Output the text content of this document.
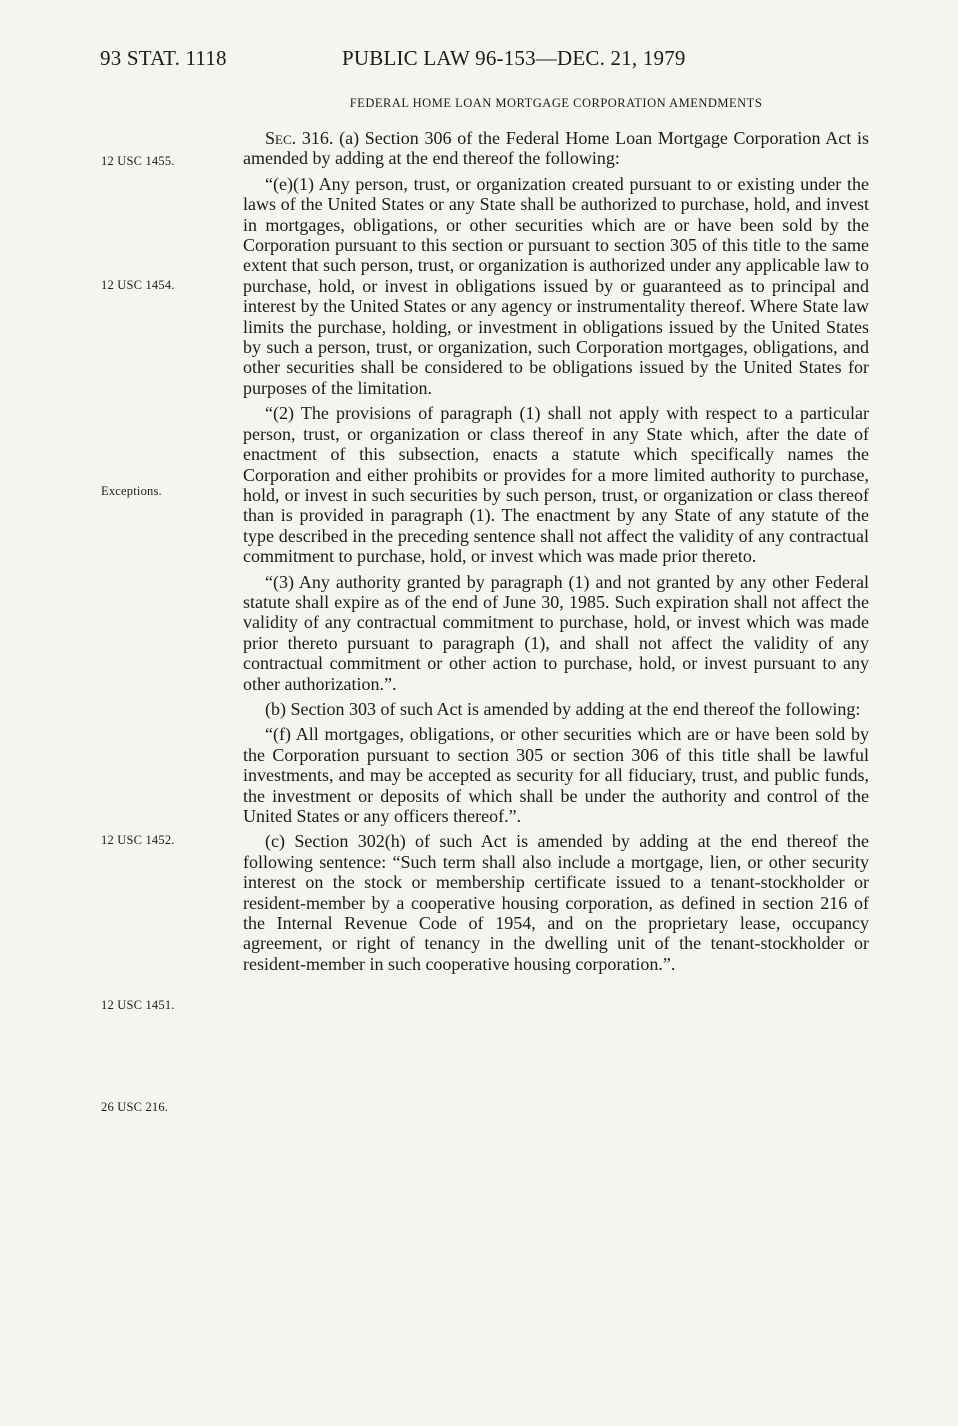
93 STAT. 1118	PUBLIC LAW 96-153—DEC. 21, 1979
FEDERAL HOME LOAN MORTGAGE CORPORATION AMENDMENTS
12 USC 1455.
12 USC 1454.
Exceptions.
12 USC 1452.
12 USC 1451.
26 USC 216.

Sec. 316. (a) Section 306 of the Federal Home Loan Mortgage Corporation Act is amended by adding at the end thereof the following:

“(e)(1) Any person, trust, or organization created pursuant to or existing under the laws of the United States or any State shall be authorized to purchase, hold, and invest in mortgages, obligations, or other securities which are or have been sold by the Corporation pursuant to this section or pursuant to section 305 of this title to the same extent that such person, trust, or organization is authorized under any applicable law to purchase, hold, or invest in obligations issued by or guaranteed as to principal and interest by the United States or any agency or instrumentality thereof. Where State law limits the purchase, holding, or investment in obligations issued by the United States by such a person, trust, or organization, such Corporation mortgages, obligations, and other securities shall be considered to be obligations issued by the United States for purposes of the limitation.

“(2) The provisions of paragraph (1) shall not apply with respect to a particular person, trust, or organization or class thereof in any State which, after the date of enactment of this subsection, enacts a statute which specifically names the Corporation and either prohibits or provides for a more limited authority to purchase, hold, or invest in such securities by such person, trust, or organization or class thereof than is provided in paragraph (1). The enactment by any State of any statute of the type described in the preceding sentence shall not affect the validity of any contractual commitment to purchase, hold, or invest which was made prior thereto.

“(3) Any authority granted by paragraph (1) and not granted by any other Federal statute shall expire as of the end of June 30, 1985. Such expiration shall not affect the validity of any contractual commitment to purchase, hold, or invest which was made prior thereto pursuant to paragraph (1), and shall not affect the validity of any contractual commitment or other action to purchase, hold, or invest pursuant to any other authorization.”.

(b) Section 303 of such Act is amended by adding at the end thereof the following:

“(f) All mortgages, obligations, or other securities which are or have been sold by the Corporation pursuant to section 305 or section 306 of this title shall be lawful investments, and may be accepted as security for all fiduciary, trust, and public funds, the investment or deposits of which shall be under the authority and control of the United States or any officers thereof.”.

(c) Section 302(h) of such Act is amended by adding at the end thereof the following sentence: “Such term shall also include a mortgage, lien, or other security interest on the stock or membership certificate issued to a tenant-stockholder or resident-member by a cooperative housing corporation, as defined in section 216 of the Internal Revenue Code of 1954, and on the proprietary lease, occupancy agreement, or right of tenancy in the dwelling unit of the tenant-stockholder or resident-member in such cooperative housing corporation.”.
